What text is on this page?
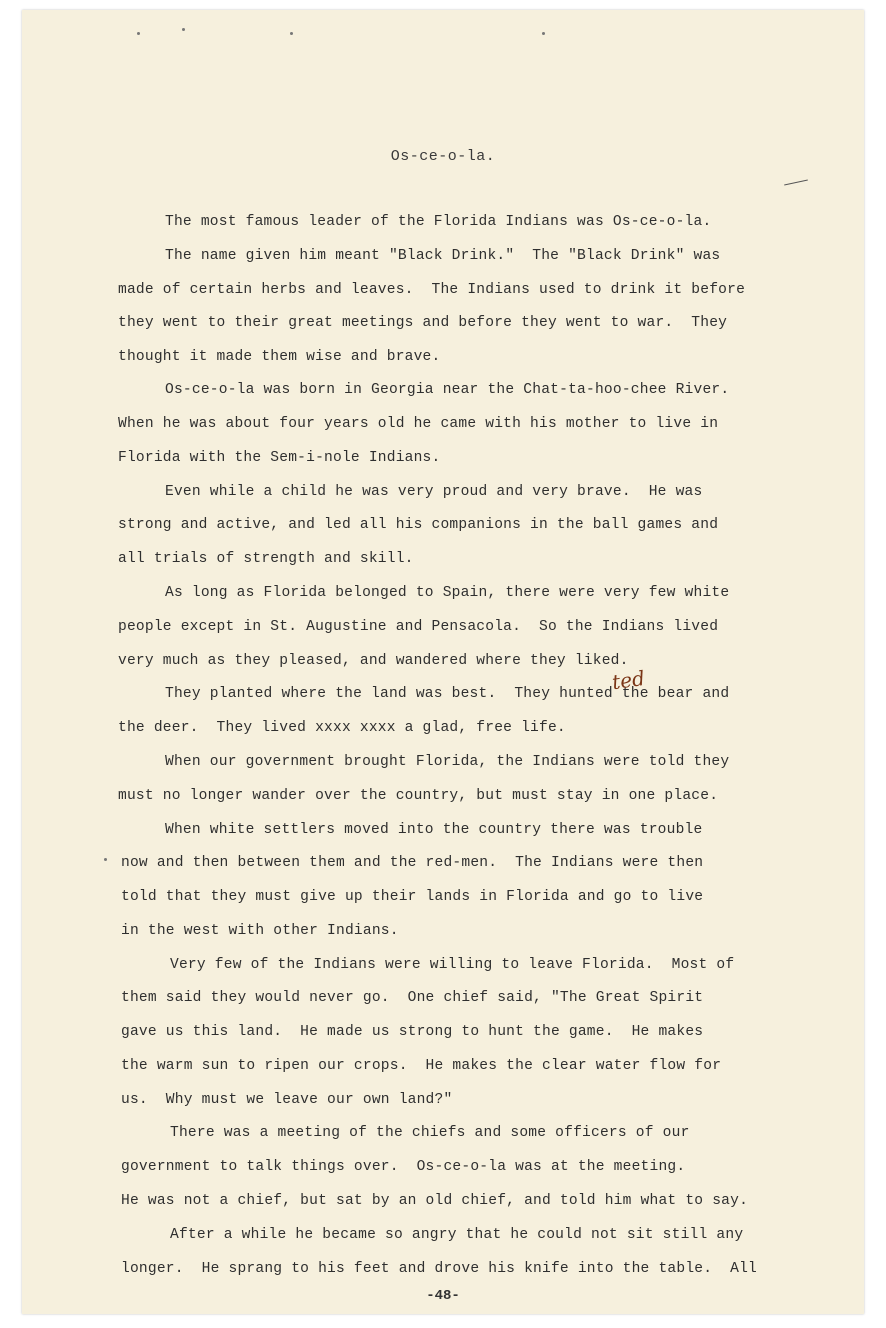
Os-ce-o-la.
The most famous leader of the Florida Indians was Os-ce-o-la.
The name given him meant "Black Drink."  The "Black Drink" was
made of certain herbs and leaves.  The Indians used to drink it before
they went to their great meetings and before they went to war.  They
thought it made them wise and brave.
Os-ce-o-la was born in Georgia near the Chat-ta-hoo-chee River.
When he was about four years old he came with his mother to live in
Florida with the Sem-i-nole Indians.
Even while a child he was very proud and very brave.  He was
strong and active, and led all his companions in the ball games and
all trials of strength and skill.
As long as Florida belonged to Spain, there were very few white
people except in St. Augustine and Pensacola.  So the Indians lived
very much as they pleased, and wandered where they liked.
They planted where the land was best.  They hunted the bear and
the deer.  They lived xxxx xxxx a glad, free life.
When our government brought Florida, the Indians were told they
must no longer wander over the country, but must stay in one place.
When white settlers moved into the country there was trouble
now and then between them and the red-men.  The Indians were then
told that they must give up their lands in Florida and go to live
in the west with other Indians.
Very few of the Indians were willing to leave Florida.  Most of
them said they would never go.  One chief said, "The Great Spirit
gave us this land.  He made us strong to hunt the game.  He makes
the warm sun to ripen our crops.  He makes the clear water flow for
us.  Why must we leave our own land?"
There was a meeting of the chiefs and some officers of our
government to talk things over.  Os-ce-o-la was at the meeting.
He was not a chief, but sat by an old chief, and told him what to say.
After a while he became so angry that he could not sit still any
longer.  He sprang to his feet and drove his knife into the table.  All
ted
-48-
